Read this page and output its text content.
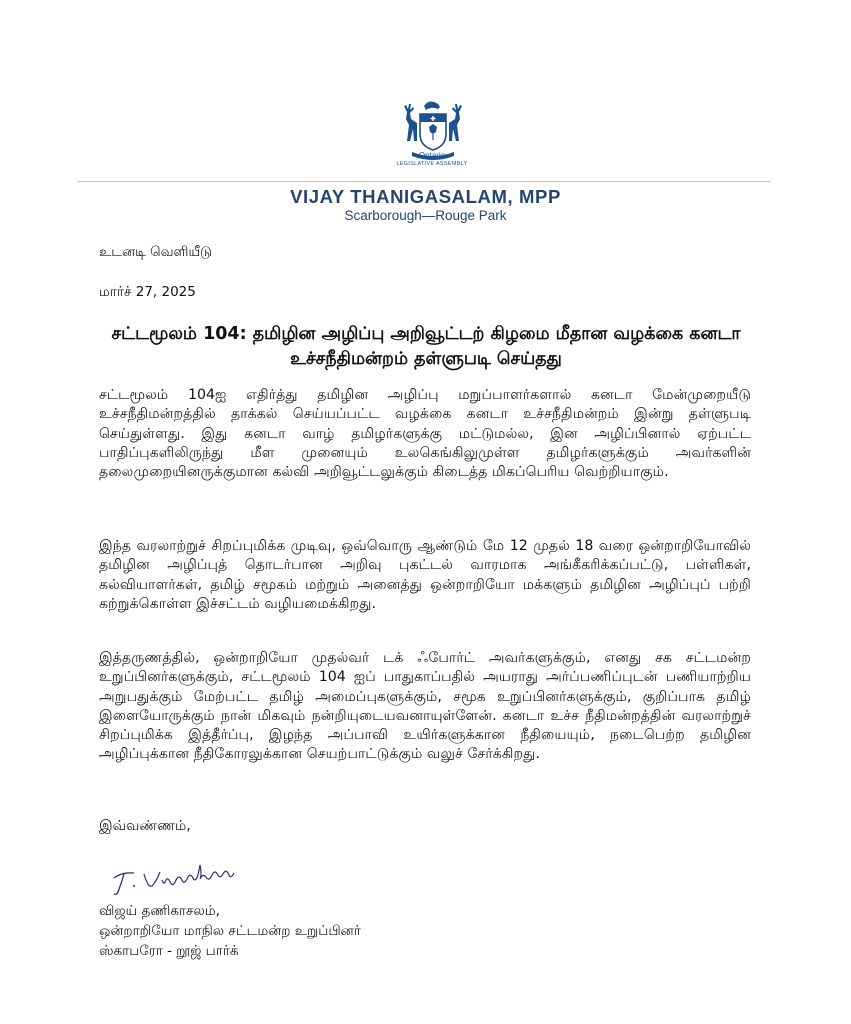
Ontario
LEGISLATIVE ASSEMBLY
VIJAY THANIGASALAM, MPP
Scarborough—Rouge Park
உடனடி வெளியீடு
மார்ச் 27, 2025
சட்டமூலம் 104: தமிழின அழிப்பு அறிவூட்டற் கிழமை மீதான வழக்கை கனடா உச்சநீதிமன்றம் தள்ளுபடி செய்தது

சட்டமூலம் 104ஐ எதிர்த்து தமிழின அழிப்பு மறுப்பாளர்களால் கனடா மேன்முறையீடு உச்சநீதிமன்றத்தில் தாக்கல் செய்யப்பட்ட வழக்கை கனடா உச்சநீதிமன்றம் இன்று தள்ளுபடி செய்துள்ளது. இது கனடா வாழ் தமிழர்களுக்கு மட்டுமல்ல, இன அழிப்பினால் ஏற்பட்ட பாதிப்புகளிலிருந்து மீள முனையும் உலகெங்கிலுமுள்ள தமிழர்களுக்கும் அவர்களின் தலைமுறையினருக்குமான கல்வி அறிவூட்டலுக்கும் கிடைத்த மிகப்பெரிய வெற்றியாகும்.

இந்த வரலாற்றுச் சிறப்புமிக்க முடிவு, ஒவ்வொரு ஆண்டும் மே 12 முதல் 18 வரை ஒன்றாறியோவில் தமிழின அழிப்புத் தொடர்பான அறிவு புகட்டல் வாரமாக அங்கீகரிக்கப்பட்டு, பள்ளிகள், கல்வியாளர்கள், தமிழ் சமூகம் மற்றும் அனைத்து ஒன்றாறியோ மக்களும் தமிழின அழிப்புப் பற்றி கற்றுக்கொள்ள இச்சட்டம் வழியமைக்கிறது.

இத்தருணத்தில், ஒன்றாறியோ முதல்வர் டக் ஃபோர்ட் அவர்களுக்கும், எனது சக சட்டமன்ற உறுப்பினர்களுக்கும், சட்டமூலம் 104 ஐப் பாதுகாப்பதில் அயராது அர்ப்பணிப்புடன் பணியாற்றிய அறுபதுக்கும் மேற்பட்ட தமிழ் அமைப்புகளுக்கும், சமூக உறுப்பினர்களுக்கும், குறிப்பாக தமிழ் இளையோருக்கும் நான் மிகவும் நன்றியுடையவனாயுள்ளேன். கனடா உச்ச நீதிமன்றத்தின் வரலாற்றுச் சிறப்புமிக்க இத்தீர்ப்பு, இழந்த அப்பாவி உயிர்களுக்கான நீதியையும், நடைபெற்ற தமிழின அழிப்புக்கான நீதிகோரலுக்கான செயற்பாட்டுக்கும் வலுச் சேர்க்கிறது.

இவ்வண்ணம்,
விஜய் தணிகாசலம்,
ஒன்றாறியோ மாநில சட்டமன்ற உறுப்பினர்
ஸ்காபரோ - றூஜ் பார்க்
